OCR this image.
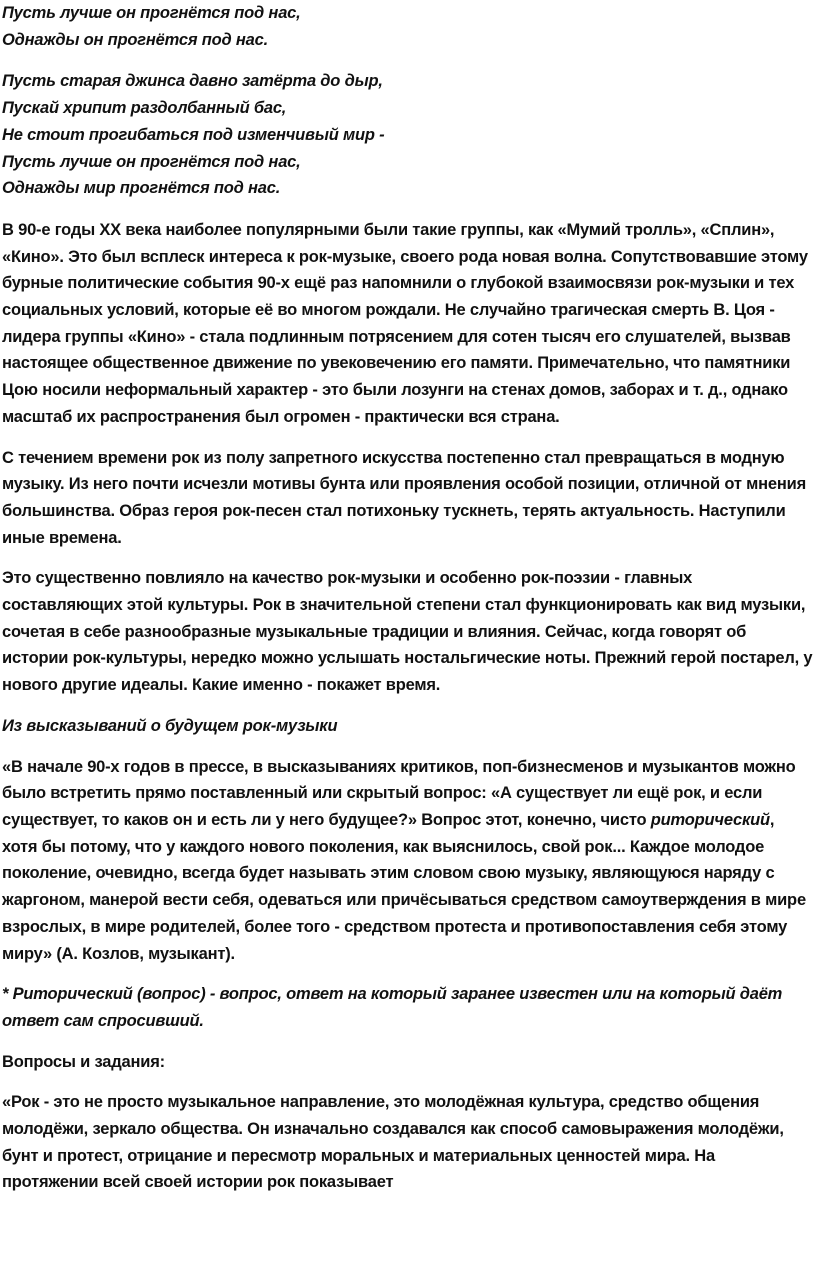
Пусть лучше он прогнётся под нас,
Однажды он прогнётся под нас.
Пусть старая джинса давно затёрта до дыр,
Пускай хрипит раздолбанный бас,
Не стоит прогибаться под изменчивый мир -
Пусть лучше он прогнётся под нас,
Однажды мир прогнётся под нас.

В 90-е годы XX века наиболее популярными были такие группы, как «Мумий тролль», «Сплин», «Кино». Это был всплеск интереса к рок-музыке, своего рода новая волна. Сопутствовавшие этому бурные политические события 90-х ещё раз напомнили о глубокой взаимосвязи рок-музыки и тех социальных условий, которые её во многом рождали. Не случайно трагическая смерть В. Цоя - лидера группы «Кино» - стала подлинным потрясением для сотен тысяч его слушателей, вызвав настоящее общественное движение по увековечению его памяти. Примечательно, что памятники Цою носили неформальный характер - это были лозунги на стенах домов, заборах и т. д., однако масштаб их распространения был огромен - практически вся страна.

С течением времени рок из полу запретного искусства постепенно стал превращаться в модную музыку. Из него почти исчезли мотивы бунта или проявления особой позиции, отличной от мнения большинства. Образ героя рок-песен стал потихоньку тускнеть, терять актуальность. Наступили иные времена.

Это существенно повлияло на качество рок-музыки и особенно рок-поэзии - главных составляющих этой культуры. Рок в значительной степени стал функционировать как вид музыки, сочетая в себе разнообразные музыкальные традиции и влияния. Сейчас, когда говорят об истории рок-культуры, нередко можно услышать ностальгические ноты. Прежний герой постарел, у нового другие идеалы. Какие именно - покажет время.

Из высказываний о будущем рок-музыки

«В начале 90-х годов в прессе, в высказываниях критиков, поп-бизнесменов и музыкантов можно было встретить прямо поставленный или скрытый вопрос: «А существует ли ещё рок, и если существует, то каков он и есть ли у него будущее?» Вопрос этот, конечно, чисто риторический, хотя бы потому, что у каждого нового поколения, как выяснилось, свой рок... Каждое молодое поколение, очевидно, всегда будет называть этим словом свою музыку, являющуюся наряду с жаргоном, манерой вести себя, одеваться или причёсываться средством самоутверждения в мире взрослых, в мире родителей, более того - средством протеста и противопоставления себя этому миру» (А. Козлов, музыкант).

* Риторический (вопрос) - вопрос, ответ на который заранее известен или на который даёт ответ сам спросивший.

Вопросы и задания:

«Рок - это не просто музыкальное направление, это молодёжная культура, средство общения молодёжи, зеркало общества. Он изначально создавался как способ самовыражения молодёжи, бунт и протест, отрицание и пересмотр моральных и материальных ценностей мира. На протяжении всей своей истории рок показывает
